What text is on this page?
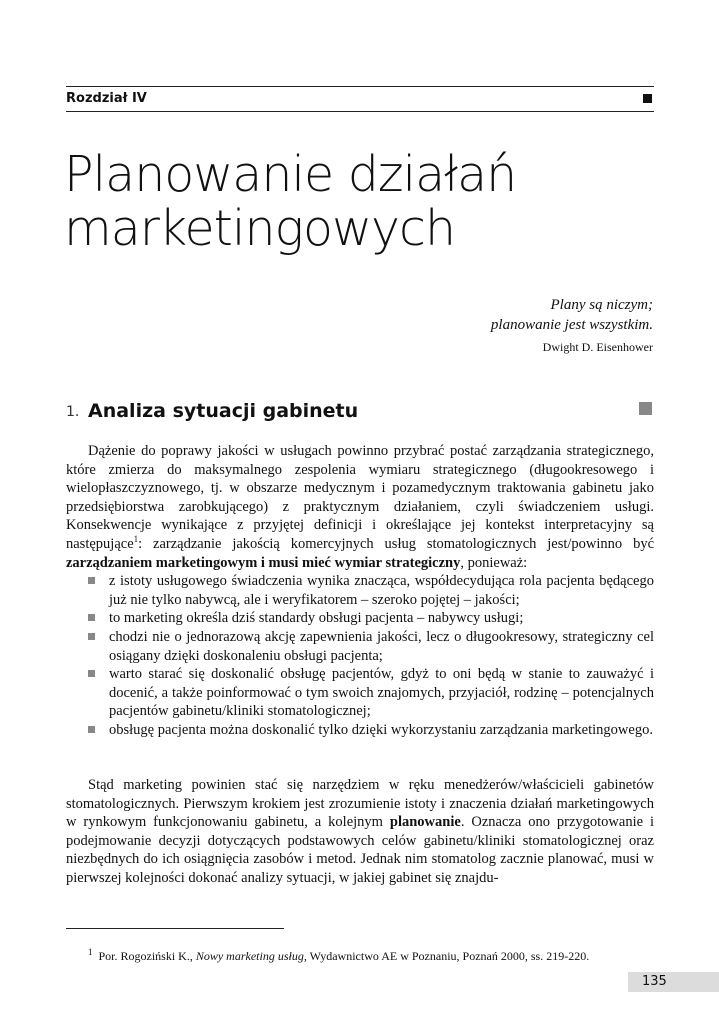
Rozdział IV
Planowanie działań
marketingowych
Plany są niczym;
planowanie jest wszystkim.
Dwight D. Eisenhower
1. Analiza sytuacji gabinetu

Dążenie do poprawy jakości w usługach powinno przybrać postać zarządzania strategicznego, które zmierza do maksymalnego zespolenia wymiaru strategicznego (długookresowego i wielopłaszczyznowego, tj. w obszarze medycznym i pozamedycznym traktowania gabinetu jako przedsiębiorstwa zarobkującego) z praktycznym działaniem, czyli świadczeniem usługi. Konsekwencje wynikające z przyjętej definicji i określające jej kontekst interpretacyjny są następujące$^1$: zarządzanie jakością komercyjnych usług stomatologicznych jest/powinno być zarządzaniem marketingowym i musi mieć wymiar strategiczny, ponieważ:

z istoty usługowego świadczenia wynika znacząca, współdecydująca rola pacjenta będącego już nie tylko nabywcą, ale i weryfikatorem – szeroko pojętej – jakości;
to marketing określa dziś standardy obsługi pacjenta – nabywcy usługi;
chodzi nie o jednorazową akcję zapewnienia jakości, lecz o długookresowy, strategiczny cel osiągany dzięki doskonaleniu obsługi pacjenta;
warto starać się doskonalić obsługę pacjentów, gdyż to oni będą w stanie to zauważyć i docenić, a także poinformować o tym swoich znajomych, przyjaciół, rodzinę – potencjalnych pacjentów gabinetu/kliniki stomatologicznej;
obsługę pacjenta można doskonalić tylko dzięki wykorzystaniu zarządzania marketingowego.

Stąd marketing powinien stać się narzędziem w ręku menedżerów/właścicieli gabinetów stomatologicznych. Pierwszym krokiem jest zrozumienie istoty i znaczenia działań marketingowych w rynkowym funkcjonowaniu gabinetu, a kolejnym planowanie. Oznacza ono przygotowanie i podejmowanie decyzji dotyczących podstawowych celów gabinetu/kliniki stomatologicznej oraz niezbędnych do ich osiągnięcia zasobów i metod. Jednak nim stomatolog zacznie planować, musi w pierwszej kolejności dokonać analizy sytuacji, w jakiej gabinet się znajdu-

$^1$ Por. Rogoziński K., Nowy marketing usług, Wydawnictwo AE w Poznaniu, Poznań 2000, ss. 219-220.
135
